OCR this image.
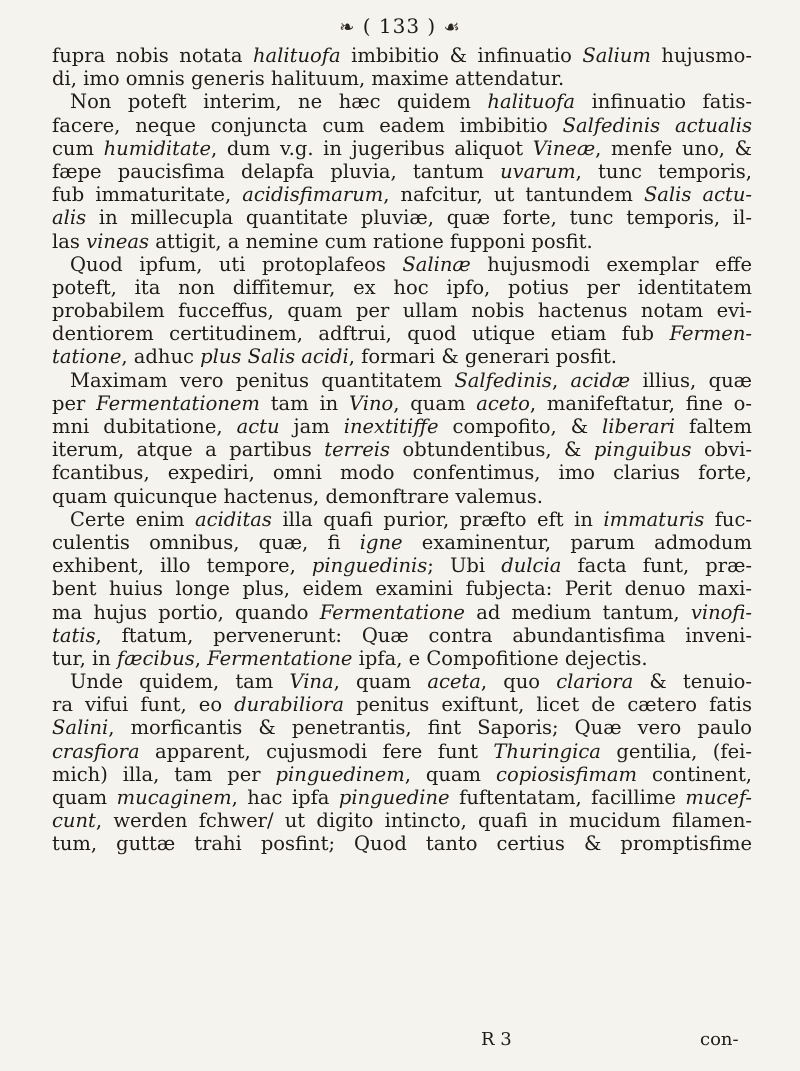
❧ ( 133 ) ☙
fupra nobis notata halituofa imbibitio & infinuatio Salium hujusmo-
di, imo omnis generis halituum, maxime attendatur.
Non poteft interim, ne hæc quidem halituofa infinuatio fatis-
facere, neque conjuncta cum eadem imbibitio Salfedinis actualis
cum humiditate, dum v.g. in jugeribus aliquot Vineæ, menfe uno, &
fæpe paucisfima delapfa pluvia, tantum uvarum, tunc temporis,
fub immaturitate, acidisfimarum, nafcitur, ut tantundem Salis actu-
alis in millecupla quantitate pluviæ, quæ forte, tunc temporis, il-
las vineas attigit, a nemine cum ratione fupponi posfit.
Quod ipfum, uti protoplafeos Salinæ hujusmodi exemplar effe
poteft, ita non diffitemur, ex hoc ipfo, potius per identitatem
probabilem fucceffus, quam per ullam nobis hactenus notam evi-
dentiorem certitudinem, adftrui, quod utique etiam fub Fermen-
tatione, adhuc plus Salis acidi, formari & generari posfit.
Maximam vero penitus quantitatem Salfedinis, acidæ illius, quæ
per Fermentationem tam in Vino, quam aceto, manifeftatur, fine o-
mni dubitatione, actu jam inextitiffe compofito, & liberari faltem
iterum, atque a partibus terreis obtundentibus, & pinguibus obvi-
fcantibus, expediri, omni modo confentimus, imo clarius forte,
quam quicunque hactenus, demonftrare valemus.
Certe enim aciditas illa quafi purior, præfto eft in immaturis fuc-
culentis omnibus, quæ, fi igne examinentur, parum admodum
exhibent, illo tempore, pinguedinis; Ubi dulcia facta funt, præ-
bent huius longe plus, eidem examini fubjecta: Perit denuo maxi-
ma hujus portio, quando Fermentatione ad medium tantum, vinofi-
tatis, ftatum, pervenerunt: Quæ contra abundantisfima inveni-
tur, in fæcibus, Fermentatione ipfa, e Compofitione dejectis.
Unde quidem, tam Vina, quam aceta, quo clariora & tenuio-
ra vifui funt, eo durabiliora penitus exiftunt, licet de cætero fatis
Salini, morficantis & penetrantis, fint Saporis; Quæ vero paulo
crasfiora apparent, cujusmodi fere funt Thuringica gentilia, (fei-
mich) illa, tam per pinguedinem, quam copiosisfimam continent,
quam mucaginem, hac ipfa pinguedine fuftentatam, facillime mucef-
cunt, werden fchwer/ ut digito intincto, quafi in mucidum filamen-
tum, guttæ trahi posfint; Quod tanto certius & promptisfime
R 3	con-
